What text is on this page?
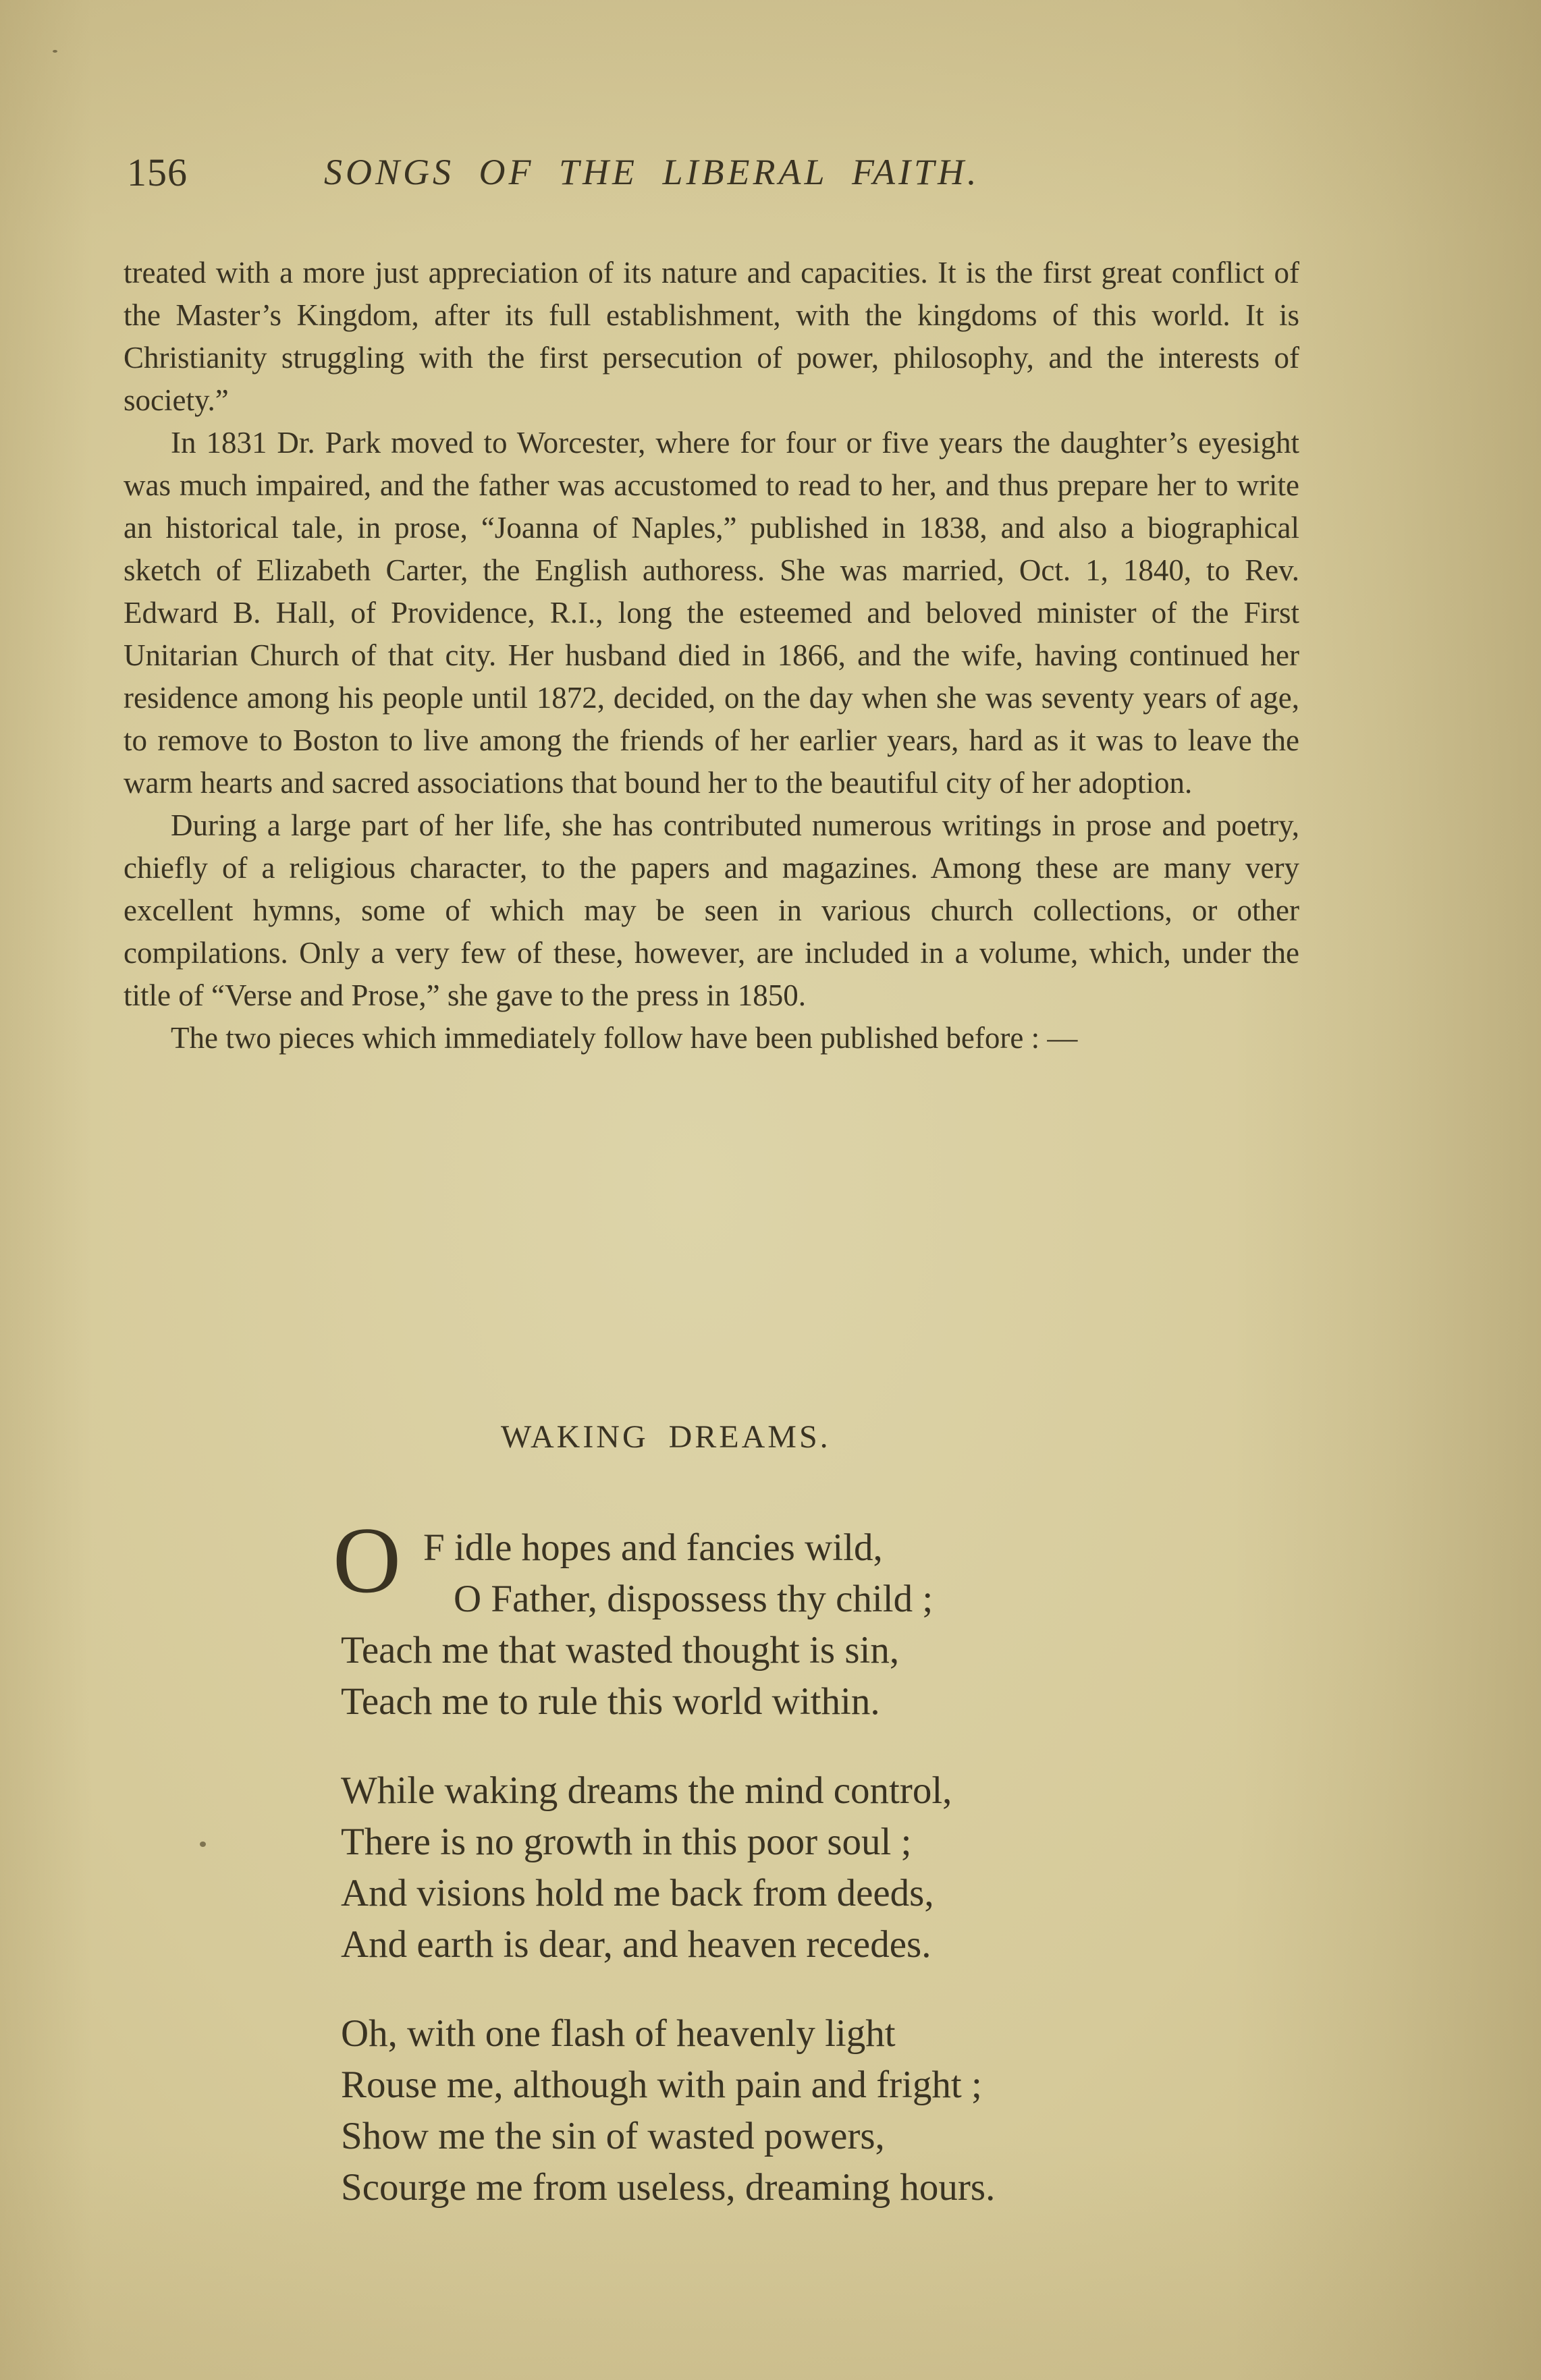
156	SONGS OF THE LIBERAL FAITH.

treated with a more just appreciation of its nature and capacities. It is the first great conflict of the Master’s Kingdom, after its full establishment, with the kingdoms of this world. It is Christianity struggling with the first persecution of power, philosophy, and the interests of society.”

In 1831 Dr. Park moved to Worcester, where for four or five years the daughter’s eyesight was much impaired, and the father was accustomed to read to her, and thus prepare her to write an historical tale, in prose, “Joanna of Naples,” published in 1838, and also a biographical sketch of Elizabeth Carter, the English authoress. She was married, Oct. 1, 1840, to Rev. Edward B. Hall, of Providence, R.I., long the esteemed and beloved minister of the First Unitarian Church of that city. Her husband died in 1866, and the wife, having continued her residence among his people until 1872, decided, on the day when she was seventy years of age, to remove to Boston to live among the friends of her earlier years, hard as it was to leave the warm hearts and sacred associations that bound her to the beautiful city of her adoption.

During a large part of her life, she has contributed numerous writings in prose and poetry, chiefly of a religious character, to the papers and magazines. Among these are many very excellent hymns, some of which may be seen in various church collections, or other compilations. Only a very few of these, however, are included in a volume, which, under the title of “Verse and Prose,” she gave to the press in 1850.

The two pieces which immediately follow have been published before : —

WAKING DREAMS.
O F idle hopes and fancies wild,
O Father, dispossess thy child ;
Teach me that wasted thought is sin,
Teach me to rule this world within.
While waking dreams the mind control,
There is no growth in this poor soul ;
And visions hold me back from deeds,
And earth is dear, and heaven recedes.
Oh, with one flash of heavenly light
Rouse me, although with pain and fright ;
Show me the sin of wasted powers,
Scourge me from useless, dreaming hours.
